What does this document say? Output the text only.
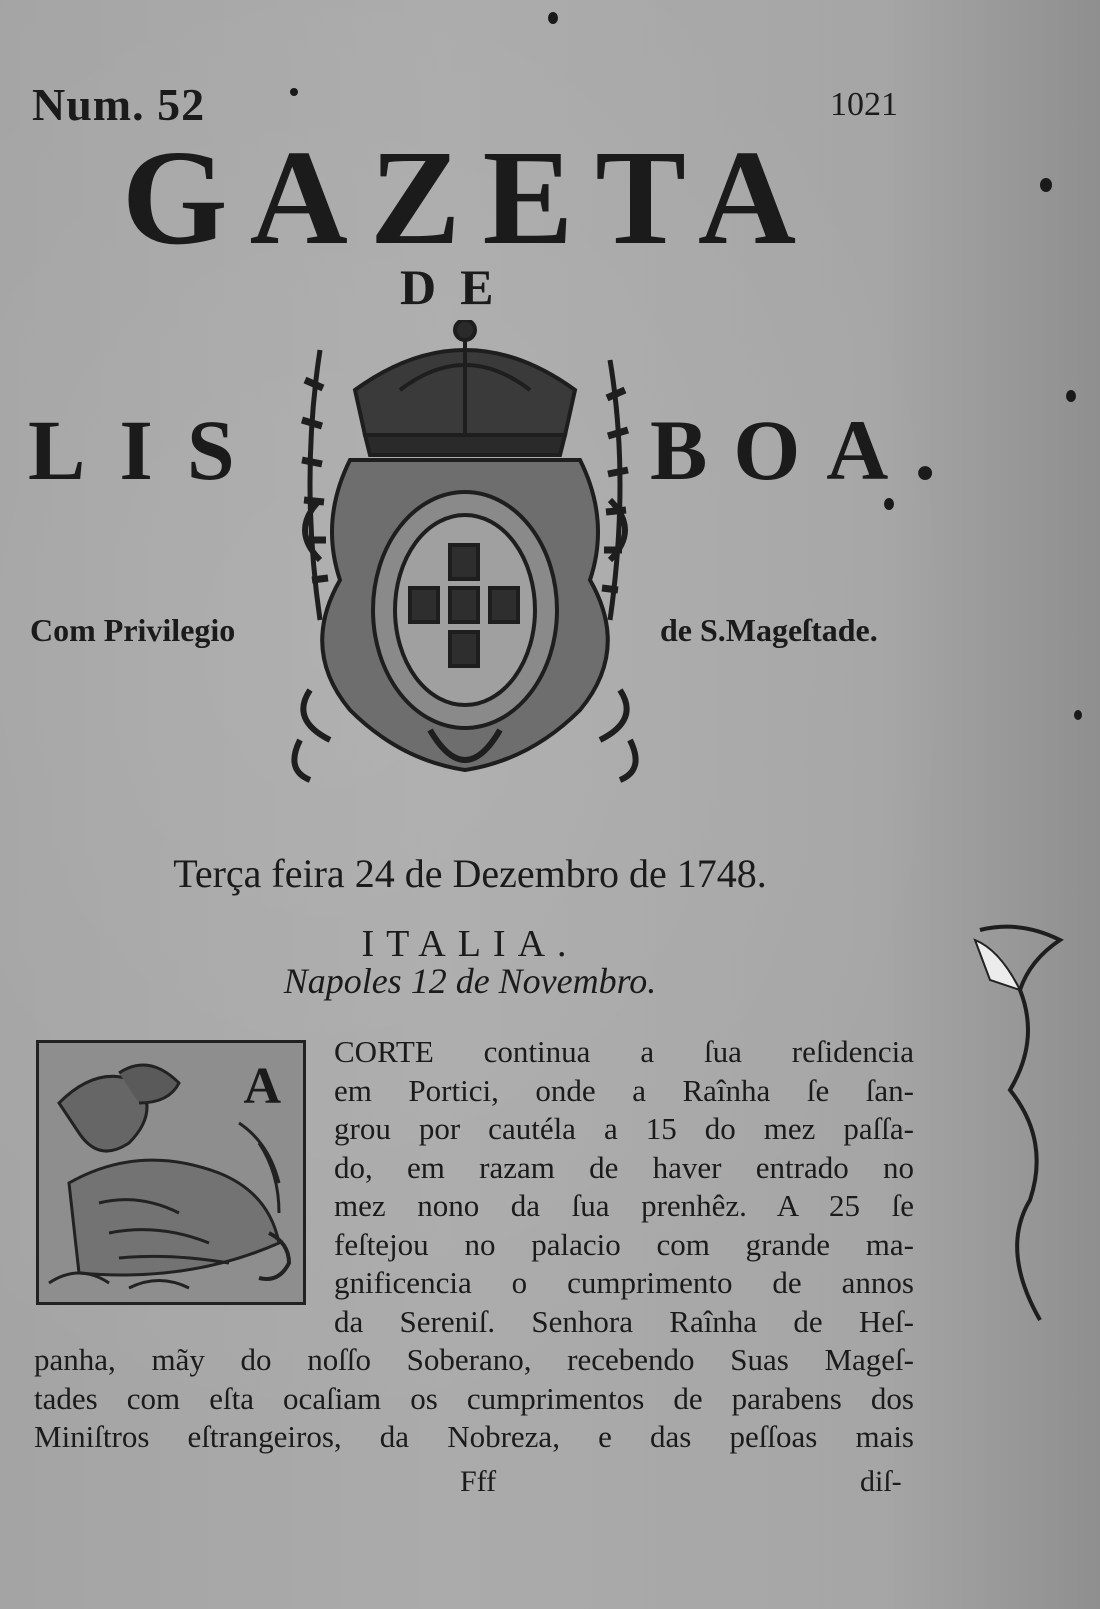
Num. 52	1021
GAZETA
DE
LIS	BOA.
Com Privilegio	de S.Mageſtade.
Terça feira 24 de Dezembro de 1748.
ITALIA.
Napoles 12 de Novembro.
A
CORTE continua a ſua reſidencia
em Portici, onde a Raînha ſe ſan-
grou por cautéla a 15 do mez paſſa-
do, em razam de haver entrado no
mez nono da ſua prenhêz. A 25 ſe
feſtejou no palacio com grande ma-
gnificencia o cumprimento de annos
da Sereniſ. Senhora Raînha de Heſ-
panha, mãy do noſſo Soberano, recebendo Suas Mageſ-
tades com eſta ocaſiam os cumprimentos de parabens dos
Miniſtros eſtrangeiros, da Nobreza, e das peſſoas mais
Fff	diſ-
